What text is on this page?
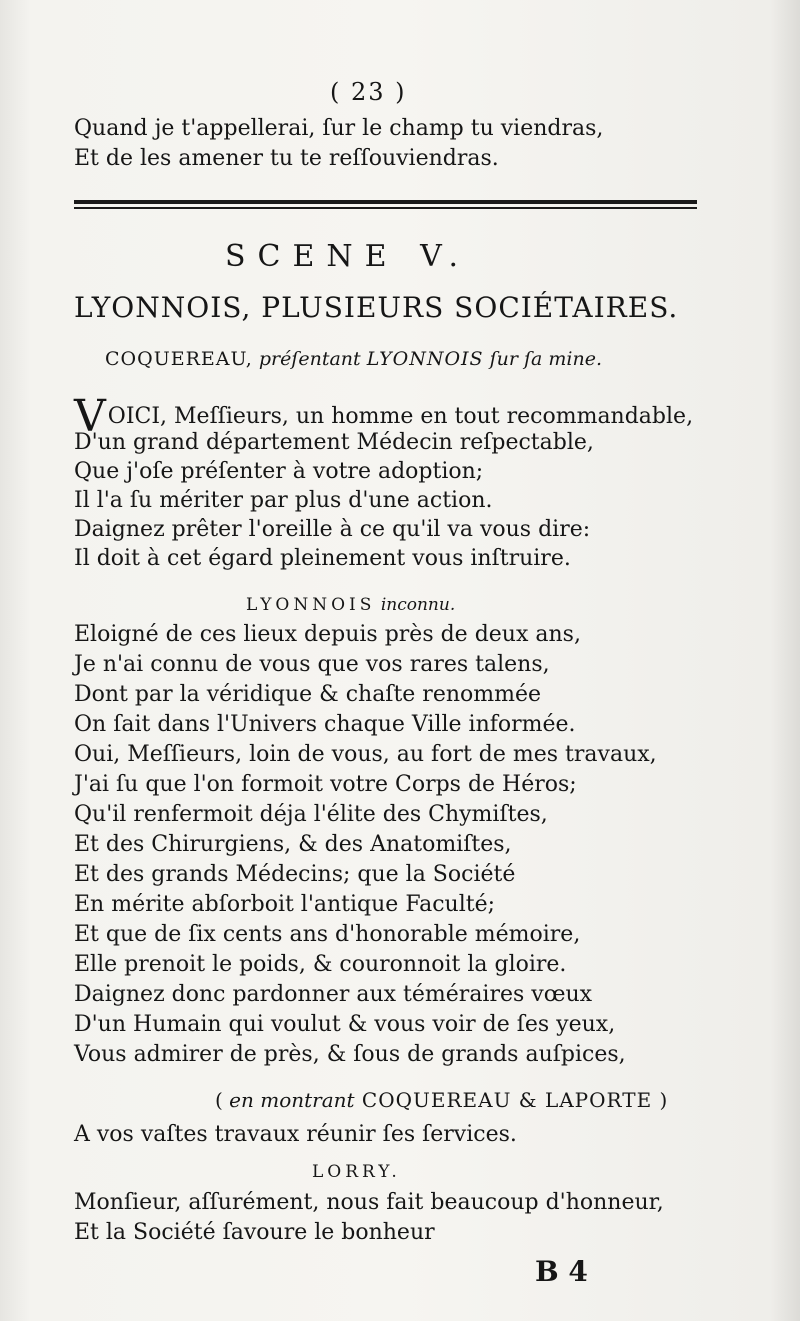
( 23 )
Quand je t'appellerai, ſur le champ tu viendras,
Et de les amener tu te reſſouviendras.
SCENE V.
LYONNOIS, PLUSIEURS SOCIÉTAIRES.
COQUEREAU, préſentant LYONNOIS ſur ſa mine.
VOICI, Meſſieurs, un homme en tout recommandable,
D'un grand département Médecin reſpectable,
Que j'oſe préſenter à votre adoption;
Il l'a ſu mériter par plus d'une action.
Daignez prêter l'oreille à ce qu'il va vous dire:
Il doit à cet égard pleinement vous inſtruire.
LYONNOIS inconnu.
Eloigné de ces lieux depuis près de deux ans,
Je n'ai connu de vous que vos rares talens,
Dont par la véridique & chaſte renommée
On ſait dans l'Univers chaque Ville informée.
Oui, Meſſieurs, loin de vous, au fort de mes travaux,
J'ai ſu que l'on formoit votre Corps de Héros;
Qu'il renfermoit déja l'élite des Chymiſtes,
Et des Chirurgiens, & des Anatomiſtes,
Et des grands Médecins; que la Société
En mérite abſorboit l'antique Faculté;
Et que de ſix cents ans d'honorable mémoire,
Elle prenoit le poids, & couronnoit la gloire.
Daignez donc pardonner aux téméraires vœux
D'un Humain qui voulut & vous voir de ſes yeux,
Vous admirer de près, & ſous de grands auſpices,
( en montrant COQUEREAU & LAPORTE )
A vos vaſtes travaux réunir ſes ſervices.
LORRY.
Monſieur, aſſurément, nous fait beaucoup d'honneur,
Et la Société ſavoure le bonheur
B 4
